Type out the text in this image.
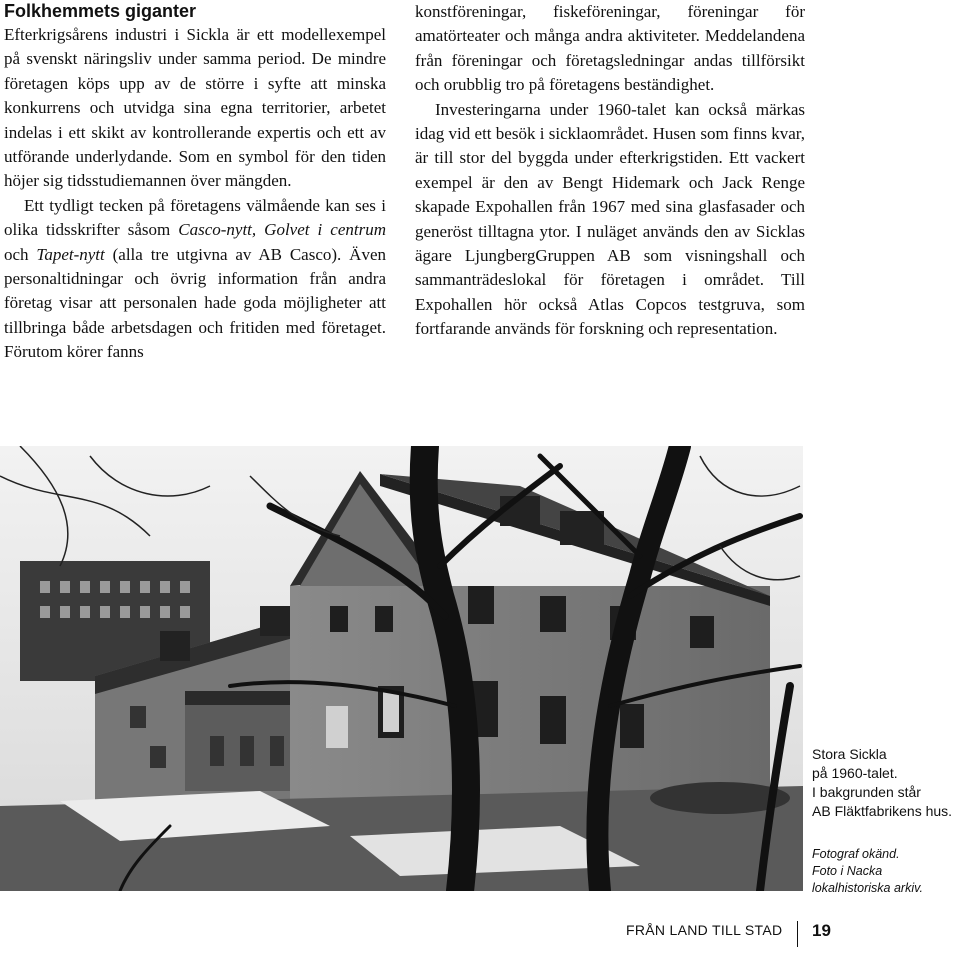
Folkhemmets giganter

Efterkrigsårens industri i Sickla är ett modellexempel på svenskt näringsliv under samma period. De mindre företagen köps upp av de större i syfte att minska konkurrens och utvidga sina egna territorier, arbetet indelas i ett skikt av kontrollerande expertis och ett av utförande underlydande. Som en symbol för den tiden höjer sig tidsstudiemannen över mängden.

Ett tydligt tecken på företagens välmående kan ses i olika tidsskrifter såsom Casco-nytt, Golvet i centrum och Tapet-nytt (alla tre utgivna av AB Casco). Även personaltidningar och övrig information från andra företag visar att personalen hade goda möjligheter att tillbringa både arbetsdagen och fritiden med företaget. Förutom körer fanns

konstföreningar, fiskeföreningar, föreningar för amatörteater och många andra aktiviteter. Meddelandena från föreningar och företagsledningar andas tillförsikt och orubblig tro på företagens beständighet.

Investeringarna under 1960-talet kan också märkas idag vid ett besök i sicklaområdet. Husen som finns kvar, är till stor del byggda under efterkrigstiden. Ett vackert exempel är den av Bengt Hidemark och Jack Renge skapade Expohallen från 1967 med sina glasfasader och generöst tilltagna ytor. I nuläget används den av Sicklas ägare LjungbergGruppen AB som visningshall och sammanträdeslokal för företagen i området. Till Expohallen hör också Atlas Copcos testgruva, som fortfarande används för forskning och representation.

Stora Sickla
på 1960-talet.
I bakgrunden står
AB Fläktfabrikens hus.
Fotograf okänd.
Foto i Nacka
lokalhistoriska arkiv.
FRÅN LAND TILL STAD 19
